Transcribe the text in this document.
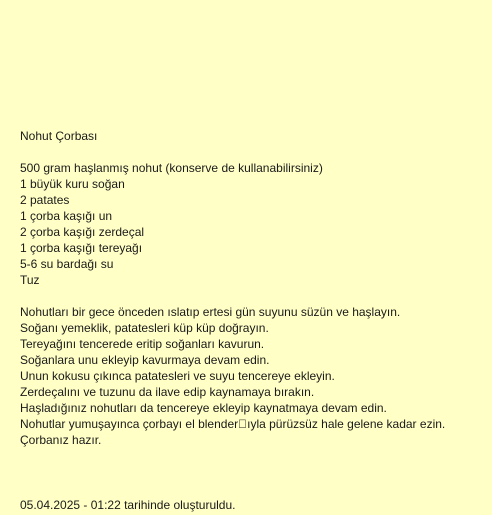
Nohut Çorbası
500 gram haşlanmış nohut (konserve de kullanabilirsiniz)
1 büyük kuru soğan
2 patates
1 çorba kaşığı un
2 çorba kaşığı zerdeçal
1 çorba kaşığı tereyağı
5-6 su bardağı su
Tuz
Nohutları bir gece önceden ıslatıp ertesi gün suyunu süzün ve haşlayın.
Soğanı yemeklik, patatesleri küp küp doğrayın.
Tereyağını tencerede eritip soğanları kavurun.
Soğanlara unu ekleyip kavurmaya devam edin.
Unun kokusu çıkınca patatesleri ve suyu tencereye ekleyin.
Zerdeçalını ve tuzunu da ilave edip kaynamaya bırakın.
Haşladığınız nohutları da tencereye ekleyip kaynatmaya devam edin.
Nohutlar yumuşayınca çorbayı el blender ıyla pürüzsüz hale gelene kadar ezin.
Çorbanız hazır.
05.04.2025 - 01:22 tarihinde oluşturuldu.
